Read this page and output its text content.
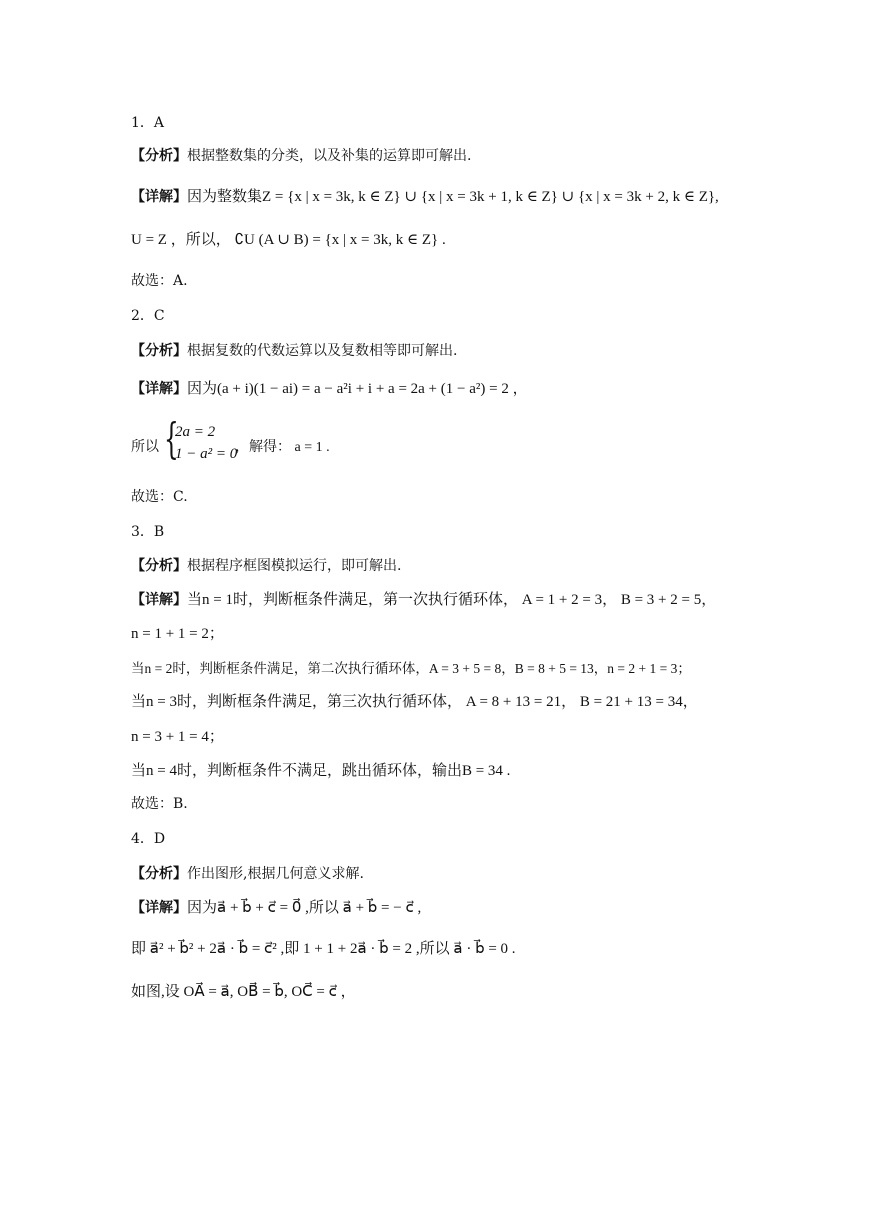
1．A
【分析】根据整数集的分类，以及补集的运算即可解出.
【详解】因为整数集Z = {x | x = 3k, k ∈ Z} ∪ {x | x = 3k + 1, k ∈ Z} ∪ {x | x = 3k + 2, k ∈ Z},
U = Z ，所以， ∁U (A ∪ B) = {x | x = 3k, k ∈ Z} .
故选：A.
2．C
【分析】根据复数的代数运算以及复数相等即可解出.
【详解】因为(a + i)(1 − ai) = a − a²i + i + a = 2a + (1 − a²) = 2 ，
所以 {
2a = 2
1 − a² = 0
，解得： a = 1 .
故选：C.
3．B
【分析】根据程序框图模拟运行，即可解出.
【详解】当n = 1时，判断框条件满足，第一次执行循环体， A = 1 + 2 = 3， B = 3 + 2 = 5，
n = 1 + 1 = 2；
当n = 2时，判断框条件满足，第二次执行循环体，A = 3 + 5 = 8，B = 8 + 5 = 13，n = 2 + 1 = 3；
当n = 3时，判断框条件满足，第三次执行循环体， A = 8 + 13 = 21， B = 21 + 13 = 34，
n = 3 + 1 = 4；
当n = 4时，判断框条件不满足，跳出循环体，输出B = 34 .
故选：B.
4．D
【分析】作出图形,根据几何意义求解.
【详解】因为a⃗ + b⃗ + c⃗ = 0⃗ ,所以 a⃗ + b⃗ = − c⃗ ,
即 a⃗² + b⃗² + 2a⃗ · b⃗ = c⃗² ,即 1 + 1 + 2a⃗ · b⃗ = 2 ,所以 a⃗ · b⃗ = 0 .
如图,设 OA⃗ = a⃗, OB⃗ = b⃗, OC⃗ = c⃗ ，
